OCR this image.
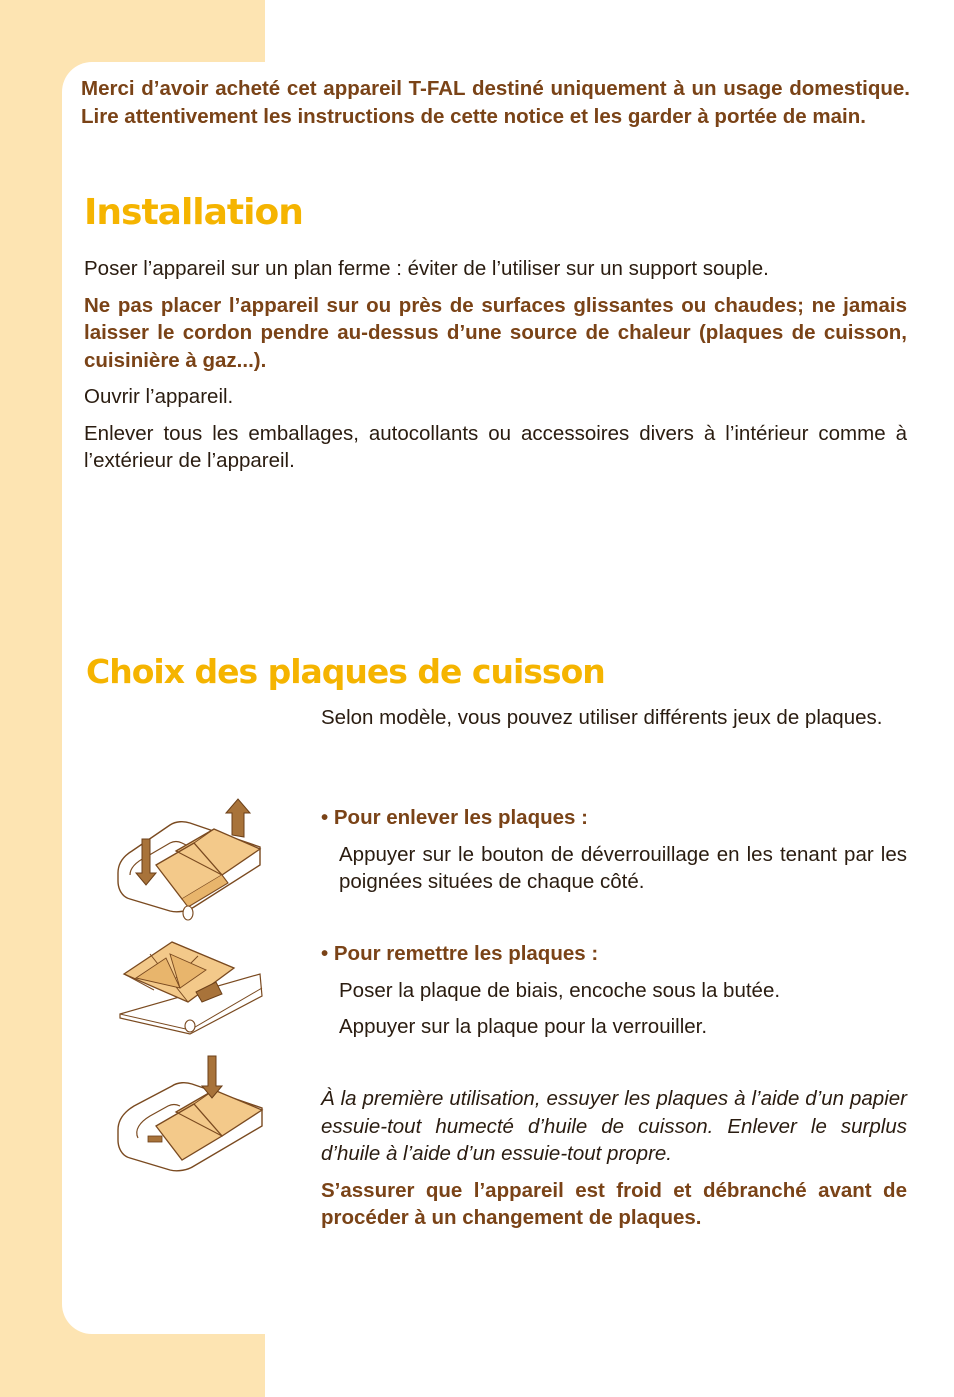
Merci d’avoir acheté cet appareil T-FAL destiné uniquement à un usage domestique. Lire attentivement les instructions de cette notice et les garder à portée de main.

Installation

Poser l’appareil sur un plan ferme : éviter de l’utiliser sur un support souple.

Ne pas placer l’appareil sur ou près de surfaces glissantes ou chaudes; ne jamais laisser le cordon pendre au-dessus d’une source de chaleur (plaques de cuisson, cuisinière à gaz...).

Ouvrir l’appareil.

Enlever tous les emballages, autocollants ou accessoires divers à l’intérieur comme à l’extérieur de l’appareil.

Choix des plaques de cuisson

Selon modèle, vous pouvez utiliser différents jeux de plaques.

• Pour enlever les plaques :

Appuyer sur le bouton de déverrouillage en les tenant par les poignées situées de chaque côté.

• Pour remettre les plaques :

Poser la plaque de biais, encoche sous la butée.

Appuyer sur la plaque pour la verrouiller.

À la première utilisation, essuyer les plaques à l’aide d’un papier essuie-tout humecté d’huile de cuisson. Enlever le surplus d’huile à l’aide d’un essuie-tout propre.

S’assurer que l’appareil est froid et débranché avant de procéder à un changement de plaques.
